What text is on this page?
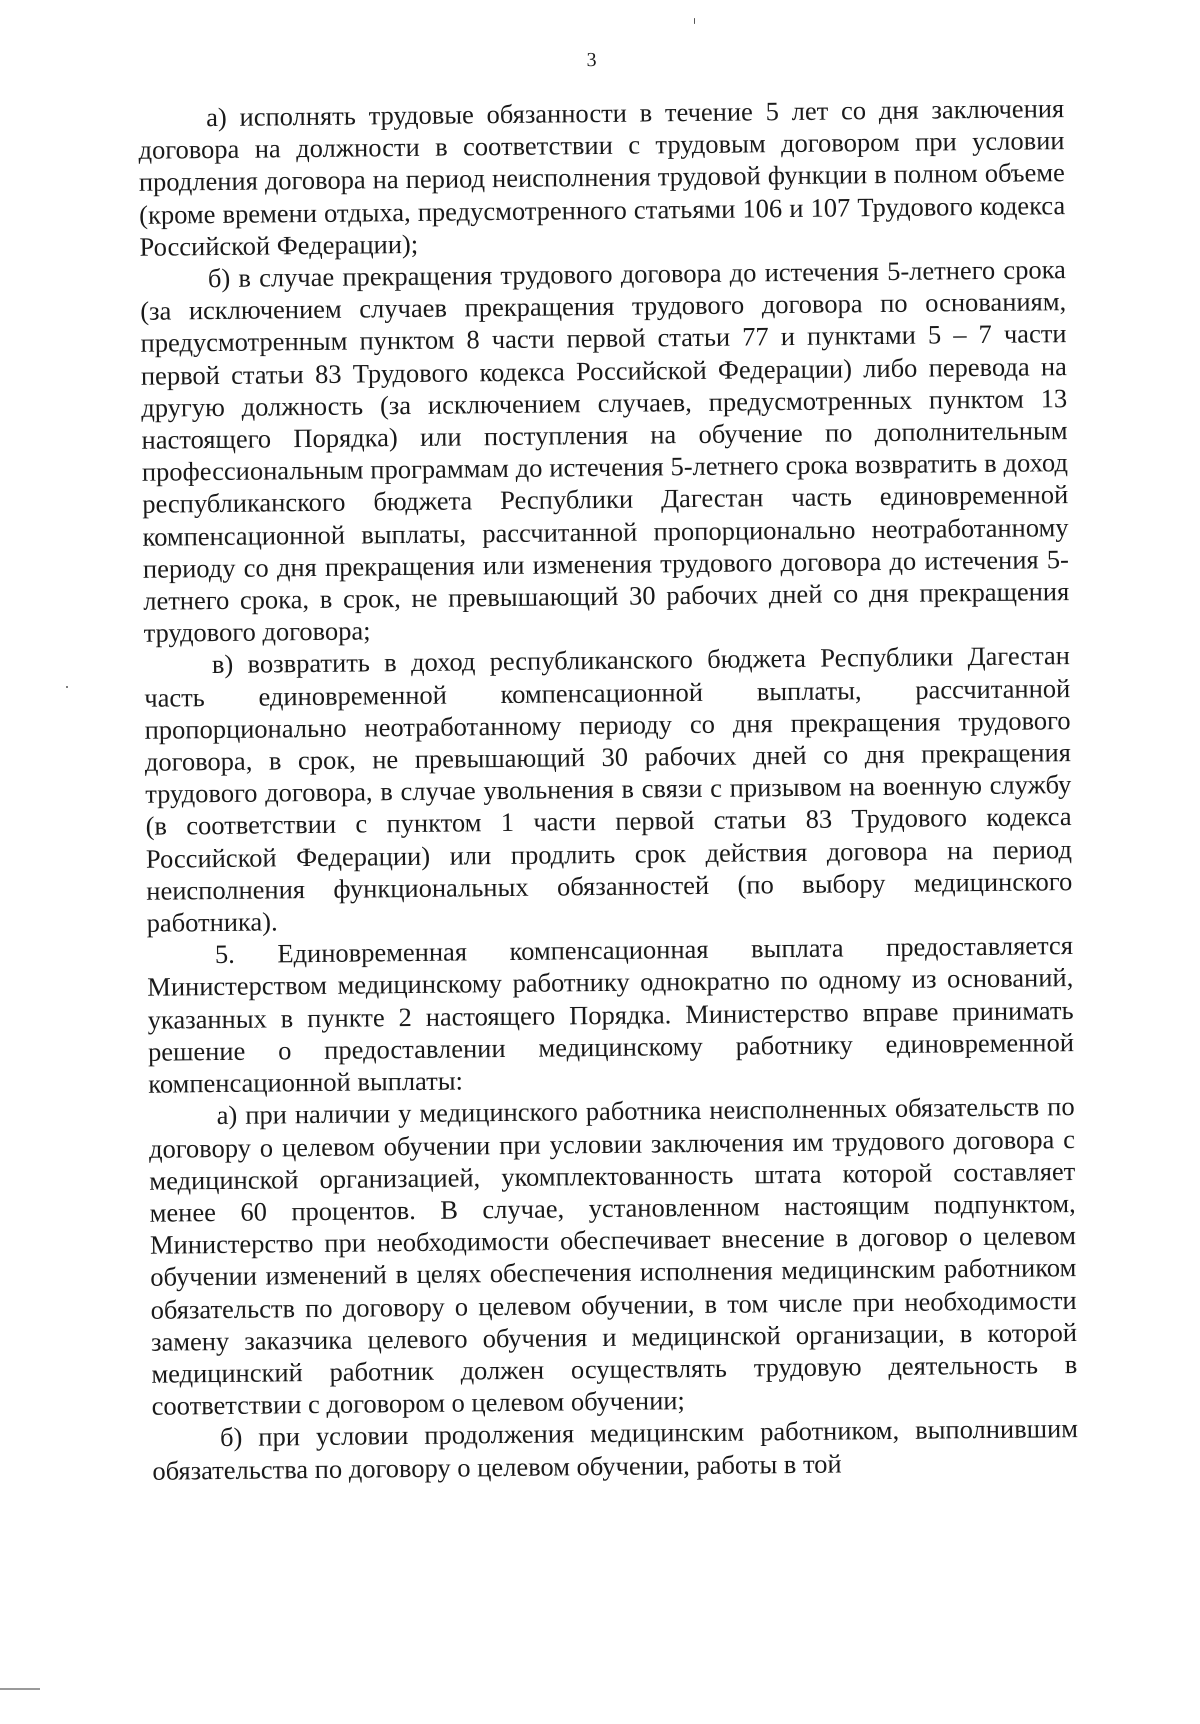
3

а) исполнять трудовые обязанности в течение 5 лет со дня заключения договора на должности в соответствии с трудовым договором при условии продления договора на период неисполнения трудовой функции в полном объеме (кроме времени отдыха, предусмотренного статьями 106 и 107 Трудового кодекса Российской Федерации);

б) в случае прекращения трудового договора до истечения 5-летнего срока (за исключением случаев прекращения трудового договора по основаниям, предусмотренным пунктом 8 части первой статьи 77 и пунктами 5 – 7 части первой статьи 83 Трудового кодекса Российской Федерации) либо перевода на другую должность (за исключением случаев, предусмотренных пунктом 13 настоящего Порядка) или поступления на обучение по дополнительным профессиональным программам до истечения 5-летнего срока возвратить в доход республиканского бюджета Республики Дагестан часть единовременной компенсационной выплаты, рассчитанной пропорционально неотработанному периоду со дня прекращения или изменения трудового договора до истечения 5-летнего срока, в срок, не превышающий 30 рабочих дней со дня прекращения трудового договора;

в) возвратить в доход республиканского бюджета Республики Дагестан часть единовременной компенсационной выплаты, рассчитанной пропорционально неотработанному периоду со дня прекращения трудового договора, в срок, не превышающий 30 рабочих дней со дня прекращения трудового договора, в случае увольнения в связи с призывом на военную службу (в соответствии с пунктом 1 части первой статьи 83 Трудового кодекса Российской Федерации) или продлить срок действия договора на период неисполнения функциональных обязанностей (по выбору медицинского работника).

5. Единовременная компенсационная выплата предоставляется Министерством медицинскому работнику однократно по одному из оснований, указанных в пункте 2 настоящего Порядка. Министерство вправе принимать решение о предоставлении медицинскому работнику единовременной компенсационной выплаты:

а) при наличии у медицинского работника неисполненных обязательств по договору о целевом обучении при условии заключения им трудового договора с медицинской организацией, укомплектованность штата которой составляет менее 60 процентов. В случае, установленном настоящим подпунктом, Министерство при необходимости обеспечивает внесение в договор о целевом обучении изменений в целях обеспечения исполнения медицинским работником обязательств по договору о целевом обучении, в том числе при необходимости замену заказчика целевого обучения и медицинской организации, в которой медицинский работник должен осуществлять трудовую деятельность в соответствии с договором о целевом обучении;

б) при условии продолжения медицинским работником, выполнившим обязательства по договору о целевом обучении, работы в той
